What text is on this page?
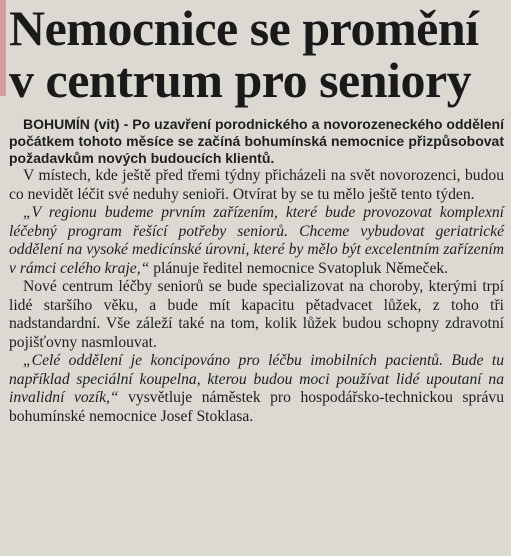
Nemocnice se promění
v centrum pro seniory

BOHUMÍN (vit) - Po uzavření porodnického a novorozeneckého oddělení počátkem tohoto měsíce se začíná bohumínská nemocnice přizpůsobovat požadavkům nových budoucích klientů.

V místech, kde ještě před třemi týdny přicházeli na svět novorozenci, budou co nevidět léčit své neduhy senioři. Otvírat by se tu mělo ještě tento týden.

„V regionu budeme prvním zařízením, které bude provozovat komplexní léčebný program řešící potřeby seniorů. Chceme vybudovat geriatrické oddělení na vysoké medicínské úrovni, které by mělo být excelentním zařízením v rámci celého kraje,“ plánuje ředitel nemocnice Svatopluk Němeček.

Nové centrum léčby seniorů se bude specializovat na choroby, kterými trpí lidé staršího věku, a bude mít kapacitu pětadvacet lůžek, z toho tři nadstandardní. Vše záleží také na tom, kolik lůžek budou schopny zdravotní pojišťovny nasmlouvat.

„Celé oddělení je koncipováno pro léčbu imobilních pacientů. Bude tu například speciální koupelna, kterou budou moci používat lidé upoutaní na invalidní vozík,“ vysvětluje náměstek pro hospodářsko-technickou správu bohumínské nemocnice Josef Stoklasa.
